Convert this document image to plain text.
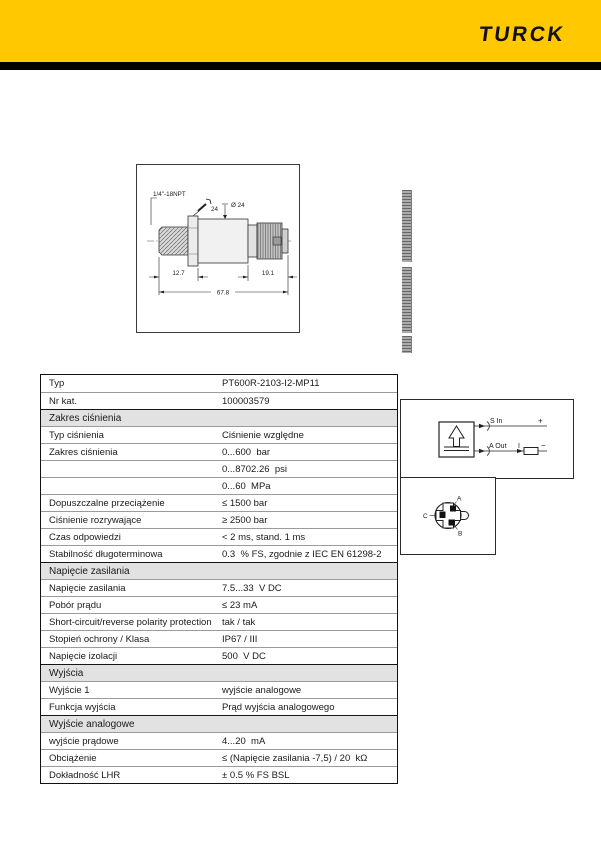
TURCK
1/4"-18NPT
24
Ø 24
12.7	19.1
67.8
S In	+
A Out I	−
A
B
C
Typ	PT600R-2103-I2-MP11
Nr kat.	100003579
Zakres ciśnienia
Typ ciśnienia	Ciśnienie względne
Zakres ciśnienia	0...600  bar
0...8702.26  psi
0...60  MPa
Dopuszczalne przeciążenie	≤ 1500 bar
Ciśnienie rozrywające	≥ 2500 bar
Czas odpowiedzi	< 2 ms, stand. 1 ms
Stabilność długoterminowa	0.3  % FS, zgodnie z IEC EN 61298-2
Napięcie zasilania
Napięcie zasilania	7.5...33  V DC
Pobór prądu	≤ 23 mA
Short-circuit/reverse polarity protection	tak / tak
Stopień ochrony / Klasa	IP67 / III
Napięcie izolacji	500  V DC
Wyjścia
Wyjście 1	wyjście analogowe
Funkcja wyjścia	Prąd wyjścia analogowego
Wyjście analogowe
wyjście prądowe	4...20  mA
Obciążenie	≤ (Napięcie zasilania -7,5) / 20  kΩ
Dokładność LHR	± 0.5 % FS BSL
